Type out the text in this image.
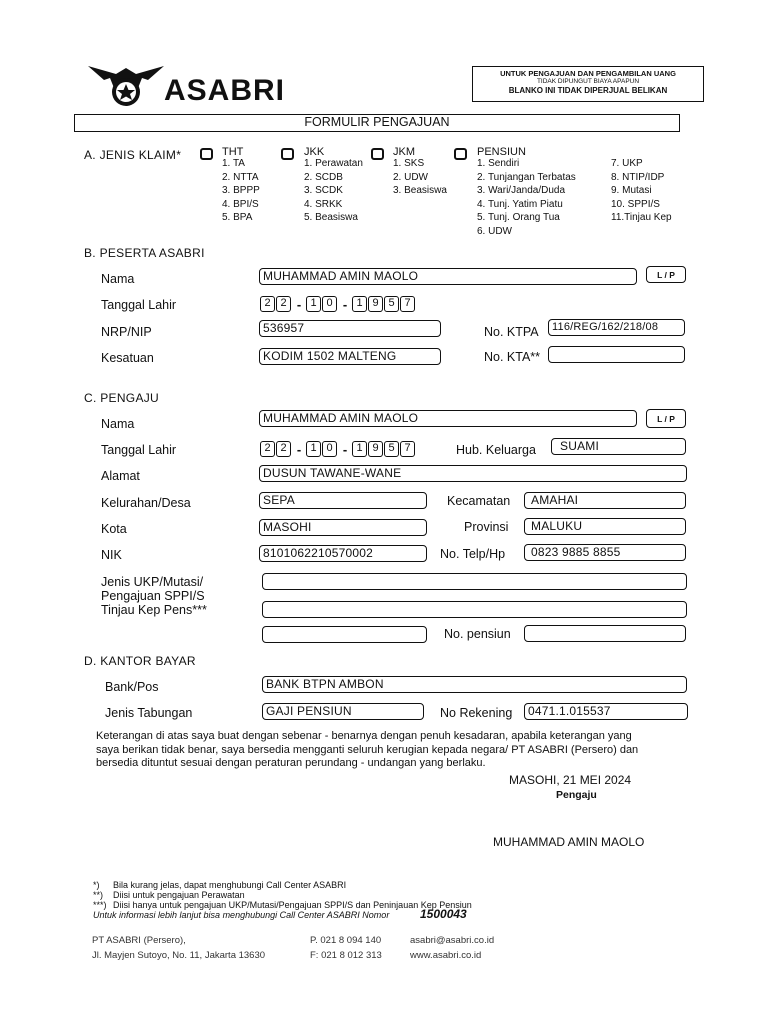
ASABRI
UNTUK PENGAJUAN DAN PENGAMBILAN UANG
TIDAK DIPUNGUT BIAYA APAPUN
BLANKO INI TIDAK DIPERJUAL BELIKAN
FORMULIR PENGAJUAN
A. JENIS KLAIM*	THT
1. TA
2. NTTA
3. BPPP
4. BPI/S
5. BPA
JKK
1. Perawatan
2. SCDB
3. SCDK
4. SRKK
5. Beasiswa
JKM
1. SKS
2. UDW
3. Beasiswa
PENSIUN
1. Sendiri
2. Tunjangan Terbatas
3. Wari/Janda/Duda
4. Tunj. Yatim Piatu
5. Tunj. Orang Tua
6. UDW
7. UKP
8. NTIP/IDP
9. Mutasi
10. SPPI/S
11.Tinjau Kep
B. PESERTA ASABRI
Nama	MUHAMMAD AMIN MAOLO	L / P
Tanggal Lahir	2 2 - 1 0 - 1 9 5 7
NRP/NIP	536957	No. KTPA	116/REG/162/218/08
Kesatuan	KODIM 1502 MALTENG	No. KTA**
C. PENGAJU
Nama	MUHAMMAD AMIN MAOLO	L / P
Tanggal Lahir	2 2 - 1 0 - 1 9 5 7	Hub. Keluarga	SUAMI
Alamat	DUSUN TAWANE-WANE
Kelurahan/Desa	SEPA	Kecamatan	AMAHAI
Kota	MASOHI	Provinsi	MALUKU
NIK	8101062210570002	No. Telp/Hp	0823 9885 8855
Jenis UKP/Mutasi/
Pengajuan SPPI/S
Tinjau Kep Pens***
No. pensiun
D. KANTOR BAYAR
Bank/Pos	BANK BTPN AMBON
Jenis Tabungan	GAJI PENSIUN	No Rekening	0471.1.015537
Keterangan di atas saya buat dengan sebenar - benarnya dengan penuh kesadaran, apabila keterangan yang
saya berikan tidak benar, saya bersedia mengganti seluruh kerugian kepada negara/ PT ASABRI (Persero) dan
bersedia dituntut sesuai dengan peraturan perundang - undangan yang berlaku.
MASOHI, 21 MEI 2024
Pengaju
MUHAMMAD AMIN MAOLO
*) Bila kurang jelas, dapat menghubungi Call Center ASABRI
**) Diisi untuk pengajuan Perawatan
***) Diisi hanya untuk pengajuan UKP/Mutasi/Pengajuan SPPI/S dan Peninjauan Kep Pensiun
Untuk informasi lebih lanjut bisa menghubungi Call Center ASABRI Nomor	1500043
PT ASABRI (Persero),
Jl. Mayjen Sutoyo, No. 11, Jakarta 13630
P. 021 8 094 140
F: 021 8 012 313
asabri@asabri.co.id
www.asabri.co.id
